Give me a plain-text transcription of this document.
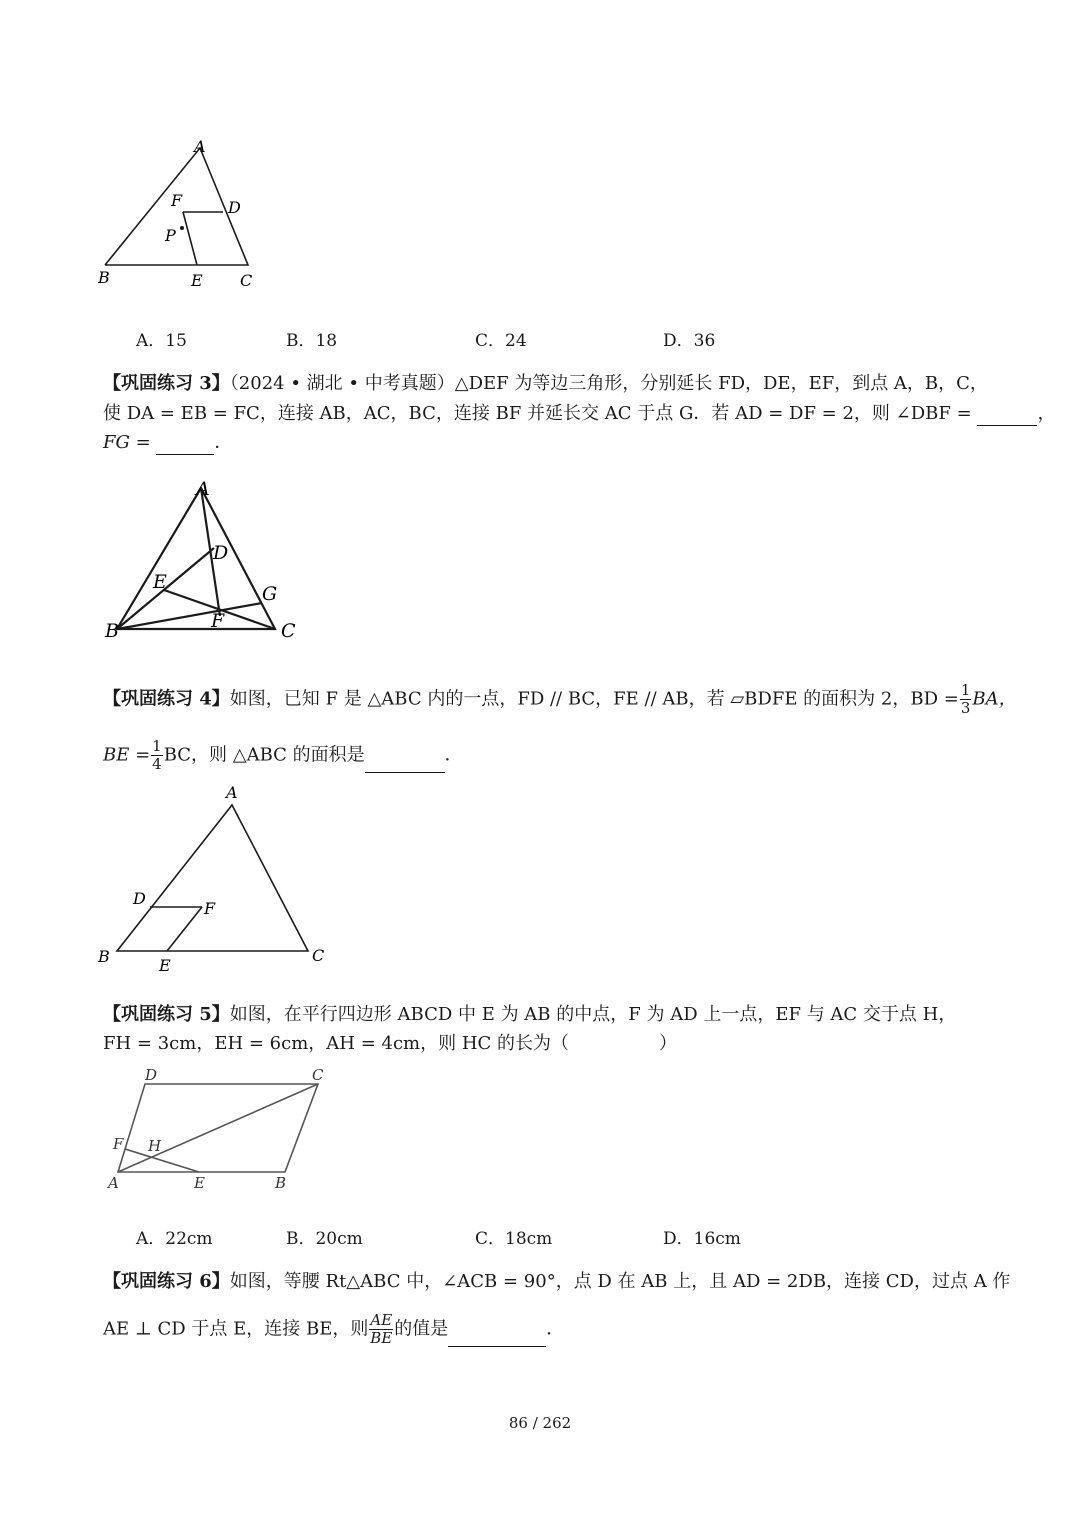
A
F	D
P
B	E C
A．15	B．18	C．24	D．36
【巩固练习 3】（2024 • 湖北 • 中考真题）△DEF 为等边三角形，分别延长 FD，DE，EF，到点 A，B，C，
使 DA = EB = FC，连接 AB，AC，BC，连接 BF 并延长交 AC 于点 G．若 AD = DF = 2，则 ∠DBF =	，
FG =	．
A
D
E
G
B	F	C
【巩固练习 4】如图，已知 F 是 △ABC 内的一点，FD // BC，FE // AB，若 ▱BDFE 的面积为 2，BD = $\frac{1}{3}$ BA，
BE = $\frac{1}{4}$ BC，则 △ABC 的面积是	．
A
D
F
B	E
C
【巩固练习 5】如图，在平行四边形 ABCD 中 E 为 AB 的中点，F 为 AD 上一点，EF 与 AC 交于点 H，
FH = 3cm，EH = 6cm，AH = 4cm，则 HC 的长为（　　　　　）
D	C
F H
A	E	B
A．22cm	B．20cm	C．18cm	D．16cm
【巩固练习 6】如图，等腰 Rt△ABC 中，∠ACB = 90°，点 D 在 AB 上，且 AD = 2DB，连接 CD，过点 A 作
AE ⊥ CD 于点 E，连接 BE，则 $\frac{AE}{BE}$ 的值是	．
86 / 262
